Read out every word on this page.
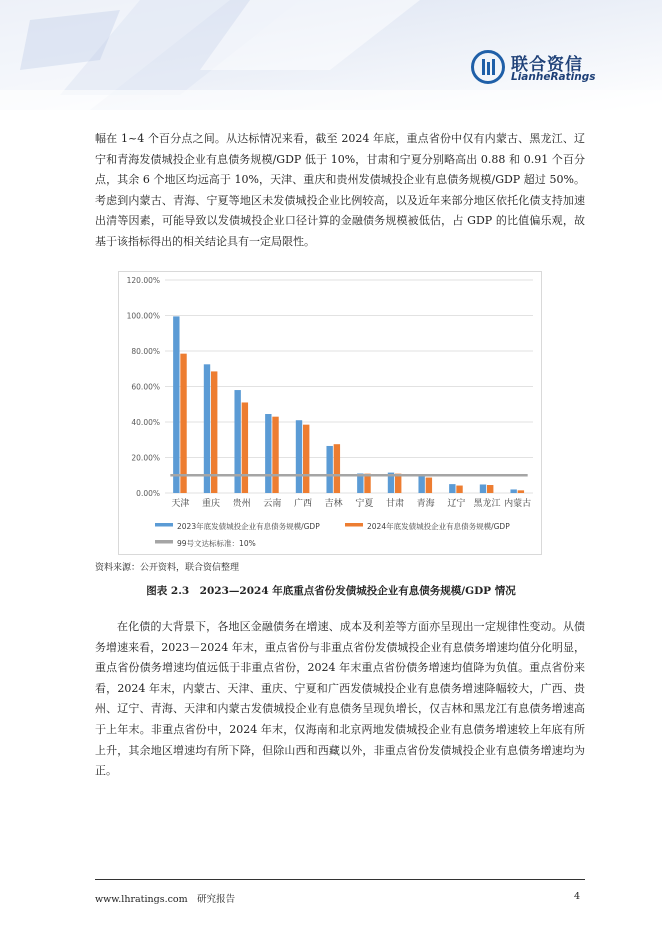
联合资信
LianheRatings

幅在 1~4 个百分点之间。从达标情况来看，截至 2024 年底，重点省份中仅有内蒙古、黑龙江、辽宁和青海发债城投企业有息债务规模/GDP 低于 10%，甘肃和宁夏分别略高出 0.88 和 0.91 个百分点，其余 6 个地区均远高于 10%，天津、重庆和贵州发债城投企业有息债务规模/GDP 超过 50%。考虑到内蒙古、青海、宁夏等地区未发债城投企业比例较高，以及近年来部分地区依托化债支持加速出清等因素，可能导致以发债城投企业口径计算的金融债务规模被低估，占 GDP 的比值偏乐观，故基于该指标得出的相关结论具有一定局限性。

0.00%
20.00%
40.00%
60.00%
80.00%
100.00%
120.00%
天津 重庆 贵州 云南 广西 吉林 宁夏 甘肃 青海 辽宁 黑龙江 内蒙古
2023年底发债城投企业有息债务规模/GDP	2024年底发债城投企业有息债务规模/GDP
99号文达标标准：10%
资料来源：公开资料，联合资信整理
图表 2.3　2023—2024 年底重点省份发债城投企业有息债务规模/GDP 情况

在化债的大背景下，各地区金融债务在增速、成本及利差等方面亦呈现出一定规律性变动。从债务增速来看，2023－2024 年末，重点省份与非重点省份发债城投企业有息债务增速均值分化明显，重点省份债务增速均值远低于非重点省份，2024 年末重点省份债务增速均值降为负值。重点省份来看，2024 年末，内蒙古、天津、重庆、宁夏和广西发债城投企业有息债务增速降幅较大，广西、贵州、辽宁、青海、天津和内蒙古发债城投企业有息债务呈现负增长，仅吉林和黑龙江有息债务增速高于上年末。非重点省份中，2024 年末，仅海南和北京两地发债城投企业有息债务增速较上年底有所上升，其余地区增速均有所下降，但除山西和西藏以外，非重点省份发债城投企业有息债务增速均为正。

www.lhratings.com　研究报告	4
